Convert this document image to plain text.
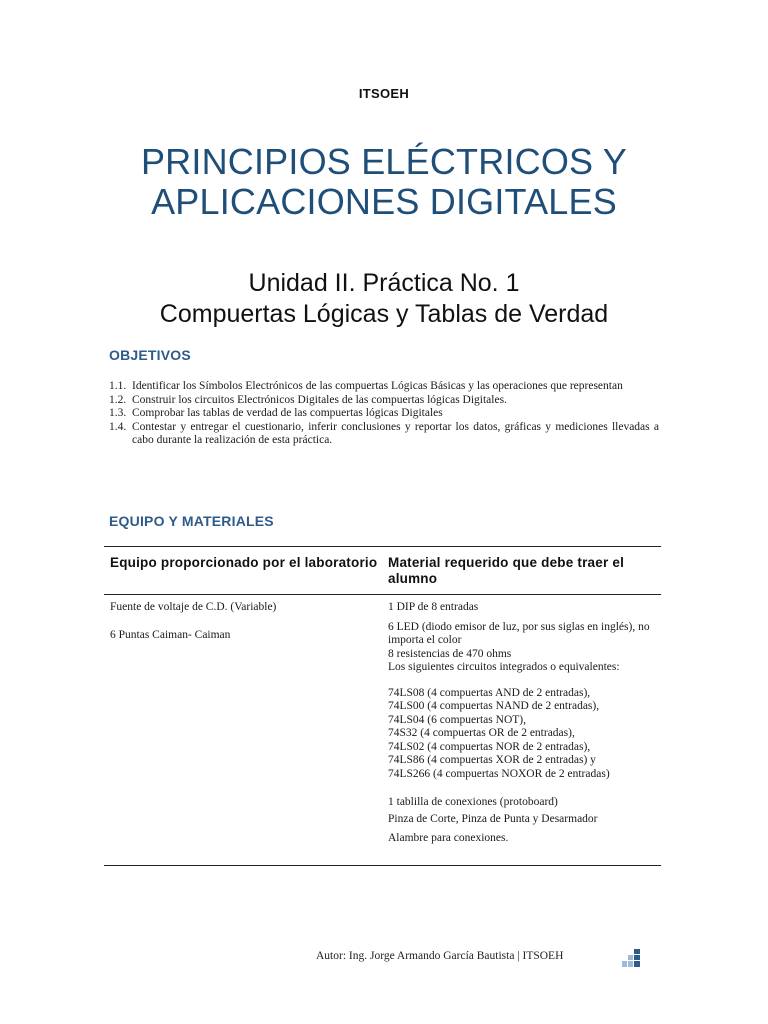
ITSOEH
PRINCIPIOS ELÉCTRICOS Y
APLICACIONES DIGITALES
Unidad II. Práctica No. 1
Compuertas Lógicas y Tablas de Verdad
OBJETIVOS
1.1. Identificar los Símbolos Electrónicos de las compuertas Lógicas Básicas y las operaciones que representan
1.2. Construir los circuitos Electrónicos Digitales de las compuertas lógicas Digitales.
1.3. Comprobar las tablas de verdad de las compuertas lógicas Digitales
1.4. Contestar y entregar el cuestionario, inferir conclusiones y reportar los datos, gráficas y mediciones llevadas a cabo durante la realización de esta práctica.
EQUIPO Y MATERIALES
Equipo proporcionado por el laboratorio Material requerido que debe traer el alumno

Fuente de voltaje de C.D. (Variable)

6 Puntas Caiman- Caiman

1 DIP de 8 entradas

6 LED (diodo emisor de luz, por sus siglas en inglés), no importa el color

8 resistencias de 470 ohms

Los siguientes circuitos integrados o equivalentes:

74LS08 (4 compuertas AND de 2 entradas),

74LS00 (4 compuertas NAND de 2 entradas),

74LS04 (6 compuertas NOT),

74S32 (4 compuertas OR de 2 entradas),

74LS02 (4 compuertas NOR de 2 entradas),

74LS86 (4 compuertas XOR de 2 entradas) y

74LS266 (4 compuertas NOXOR de 2 entradas)

1 tablilla de conexiones (protoboard)

Pinza de Corte, Pinza de Punta y Desarmador

Alambre para conexiones.

Autor: Ing. Jorge Armando García Bautista | ITSOEH
